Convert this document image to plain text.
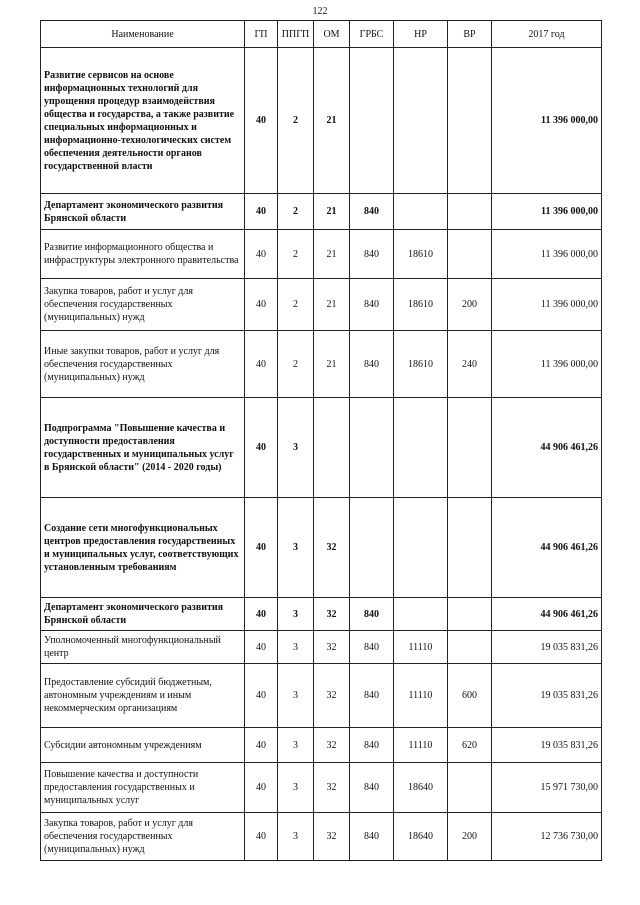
122
Наименование	ГП	ППГП	ОМ	ГРБС	НР	ВР	2017 год
Развитие сервисов на основе информационных технологий для упрощения процедур взаимодействия общества и государства, а также развитие специальных информационных и информационно-технологических систем обеспечения деятельности органов государственной власти	40	2	21				11 396 000,00
Департамент экономического развития Брянской области	40	2	21	840			11 396 000,00
Развитие информационного общества и инфраструктуры электронного правительства	40	2	21	840	18610		11 396 000,00
Закупка товаров, работ и услуг для обеспечения государственных (муниципальных) нужд	40	2	21	840	18610	200	11 396 000,00
Иные закупки товаров, работ и услуг для обеспечения государственных (муниципальных) нужд	40	2	21	840	18610	240	11 396 000,00
Подпрограмма "Повышение качества и доступности предоставления государственных и муниципальных услуг в Брянской области" (2014 - 2020 годы)	40	3					44 906 461,26
Создание сети многофункциональных центров предоставления государственных и муниципальных услуг, соответствующих установленным требованиям	40	3	32				44 906 461,26
Департамент экономического развития Брянской области	40	3	32	840			44 906 461,26
Уполномоченный многофункциональный центр	40	3	32	840	11110		19 035 831,26
Предоставление субсидий бюджетным, автономным учреждениям и иным некоммерческим организациям	40	3	32	840	11110	600	19 035 831,26
Субсидии автономным учреждениям	40	3	32	840	11110	620	19 035 831,26
Повышение качества и доступности предоставления государственных и муниципальных услуг	40	3	32	840	18640		15 971 730,00
Закупка товаров, работ и услуг для обеспечения государственных (муниципальных) нужд	40	3	32	840	18640	200	12 736 730,00
